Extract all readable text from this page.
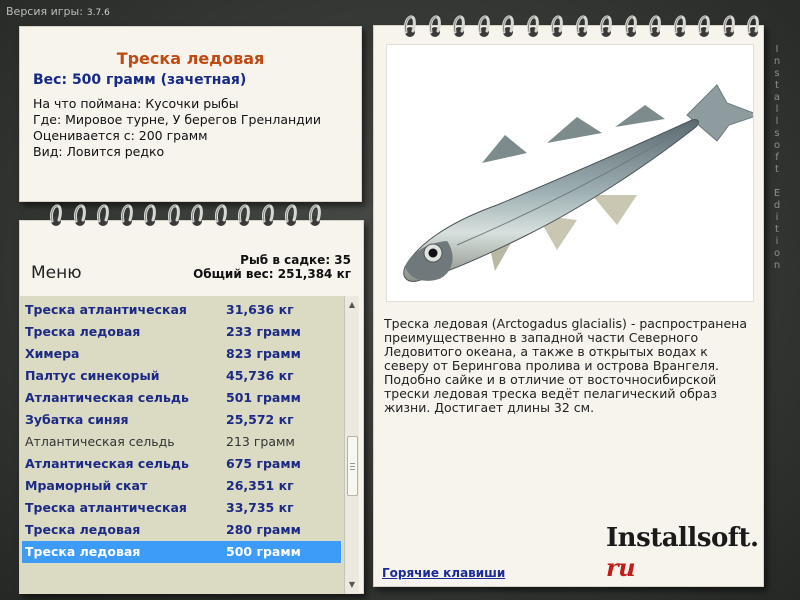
Версия игры: 3.7.6
Треска ледовая
Вес: 500 грамм (зачетная)
На что поймана: Кусочки рыбы
Где: Мировое турне, У берегов Гренландии
Оценивается с: 200 грамм
Вид: Ловится редко
Меню
Рыб в садке: 35
Общий вес: 251,384 кг
Треска атлантическая	31,636 кг
Треска ледовая	233 грамм
Химера	823 грамм
Палтус синекорый	45,736 кг
Атлантическая сельдь	501 грамм
Зубатка синяя	25,572 кг
Атлантическая сельдь	213 грамм
Атлантическая сельдь	675 грамм
Мраморный скат	26,351 кг
Треска атлантическая	33,735 кг
Треска ледовая	280 грамм
Треска ледовая	500 грамм
▲
▼
Треска ледовая (Arctogadus glacialis) - распространена преимущественно в западной части Северного Ледовитого океана, а также в открытых водах к северу от Берингова пролива и острова Врангеля. Подобно сайке и в отличие от восточносибирской трески ледовая треска ведёт пелагический образ жизни. Достигает длины 32 см.
Installsoft. ru
Горячие клавиши
I
n
s
t
a
l
l
s
o
f
t

E
d
i
t
i
o
n
